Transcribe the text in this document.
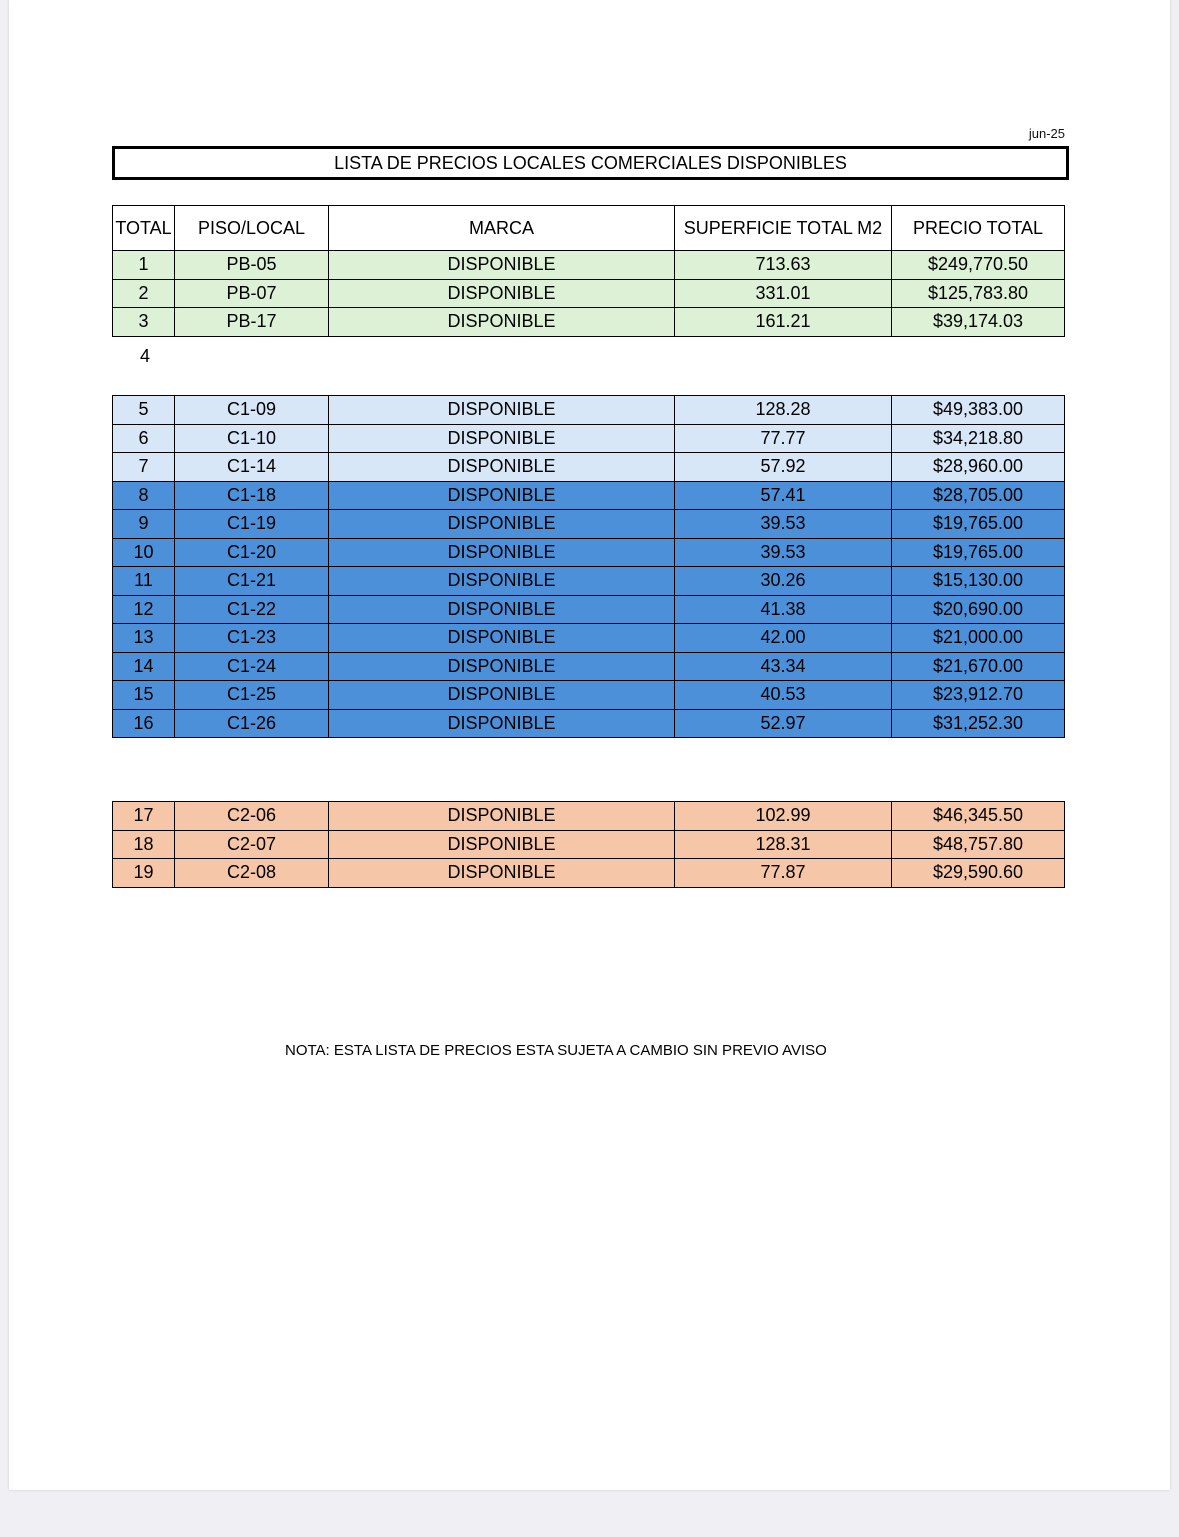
jun-25
LISTA DE PRECIOS LOCALES COMERCIALES DISPONIBLES
TOTAL	PISO/LOCAL	MARCA	SUPERFICIE TOTAL M2	PRECIO TOTAL
1	PB-05	DISPONIBLE	713.63	$249,770.50
2	PB-07	DISPONIBLE	331.01	$125,783.80
3	PB-17	DISPONIBLE	161.21	$39,174.03
4
5	C1-09	DISPONIBLE	128.28	$49,383.00
6	C1-10	DISPONIBLE	77.77	$34,218.80
7	C1-14	DISPONIBLE	57.92	$28,960.00
8	C1-18	DISPONIBLE	57.41	$28,705.00
9	C1-19	DISPONIBLE	39.53	$19,765.00
10	C1-20	DISPONIBLE	39.53	$19,765.00
11	C1-21	DISPONIBLE	30.26	$15,130.00
12	C1-22	DISPONIBLE	41.38	$20,690.00
13	C1-23	DISPONIBLE	42.00	$21,000.00
14	C1-24	DISPONIBLE	43.34	$21,670.00
15	C1-25	DISPONIBLE	40.53	$23,912.70
16	C1-26	DISPONIBLE	52.97	$31,252.30
17	C2-06	DISPONIBLE	102.99	$46,345.50
18	C2-07	DISPONIBLE	128.31	$48,757.80
19	C2-08	DISPONIBLE	77.87	$29,590.60
NOTA: ESTA LISTA DE PRECIOS ESTA SUJETA A CAMBIO SIN PREVIO AVISO
